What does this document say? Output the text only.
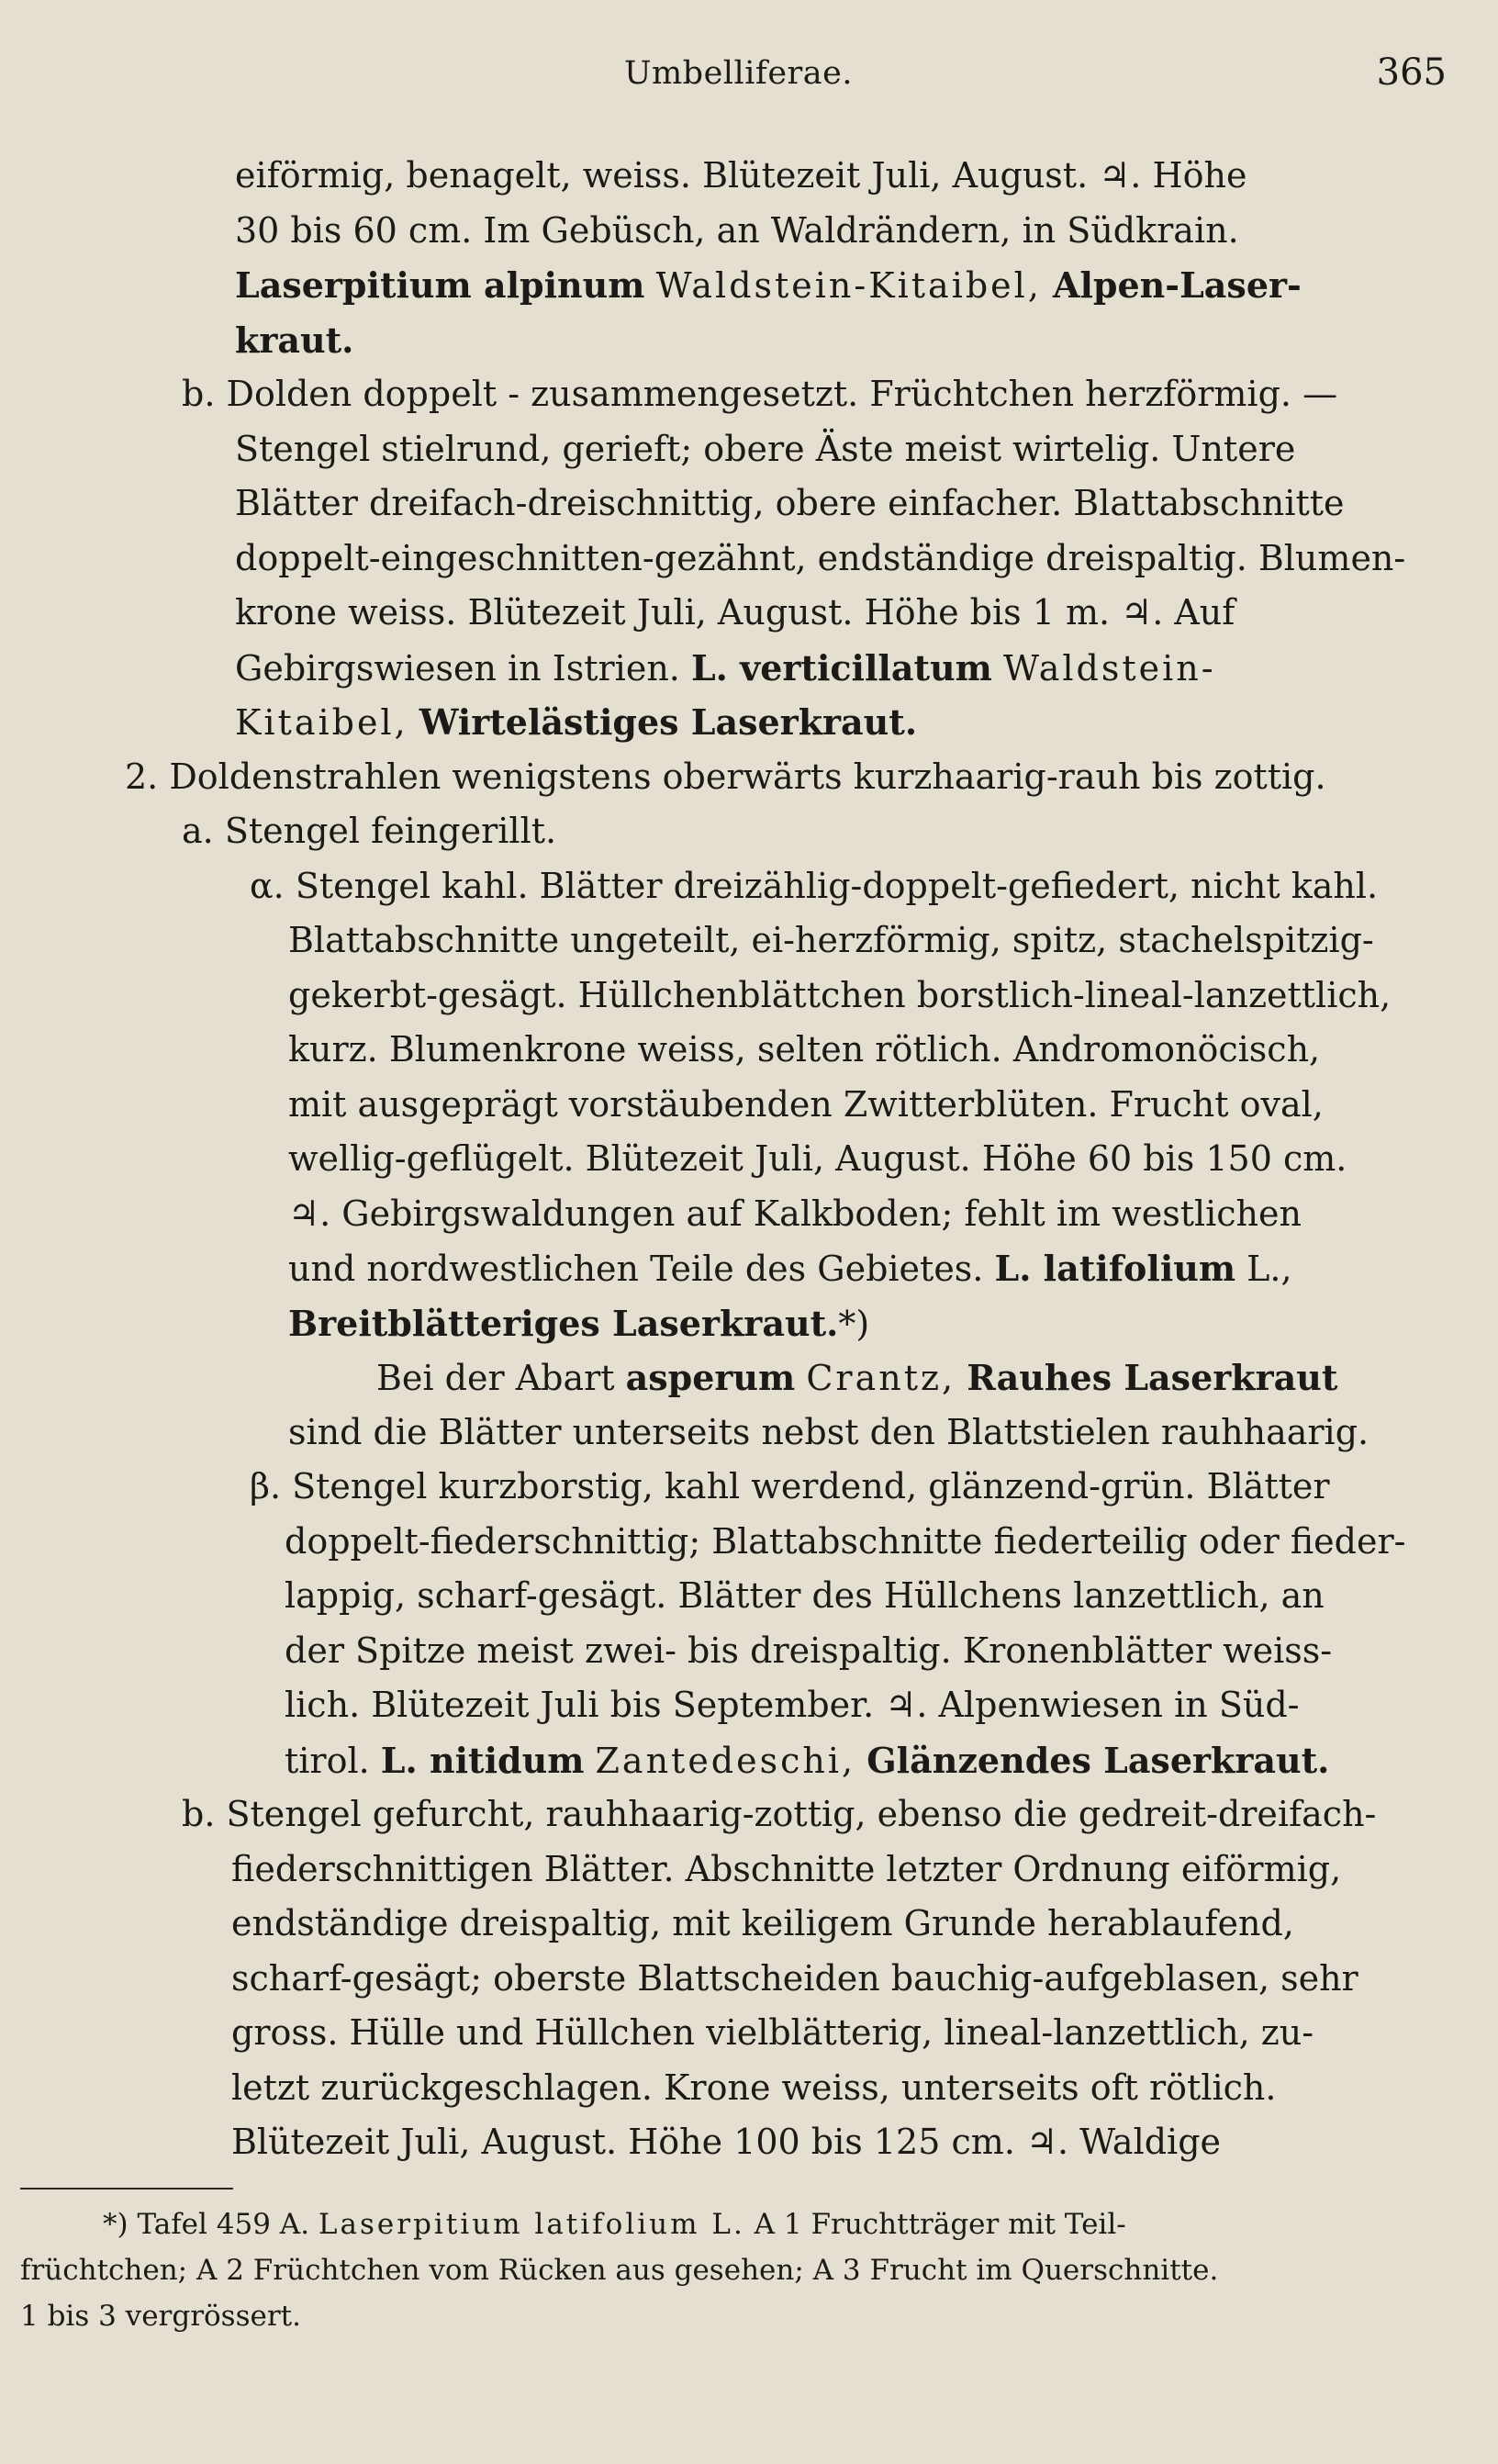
Umbelliferae.	365
eiförmig, benagelt, weiss. Blütezeit Juli, August. ♃. Höhe
30 bis 60 cm. Im Gebüsch, an Waldrändern, in Südkrain.
Laserpitium alpinum Waldstein-Kitaibel, Alpen-Laser-
kraut.
b. Dolden doppelt - zusammengesetzt. Früchtchen herzförmig. —
Stengel stielrund, gerieft; obere Äste meist wirtelig. Untere
Blätter dreifach-dreischnittig, obere einfacher. Blattabschnitte
doppelt-eingeschnitten-gezähnt, endständige dreispaltig. Blumen-
krone weiss. Blütezeit Juli, August. Höhe bis 1 m. ♃. Auf
Gebirgswiesen in Istrien. L. verticillatum Waldstein-
Kitaibel, Wirtelästiges Laserkraut.
2. Doldenstrahlen wenigstens oberwärts kurzhaarig-rauh bis zottig.
a. Stengel feingerillt.
α. Stengel kahl. Blätter dreizählig-doppelt-gefiedert, nicht kahl.
Blattabschnitte ungeteilt, ei-herzförmig, spitz, stachelspitzig-
gekerbt-gesägt. Hüllchenblättchen borstlich-lineal-lanzettlich,
kurz. Blumenkrone weiss, selten rötlich. Andromonöcisch,
mit ausgeprägt vorstäubenden Zwitterblüten. Frucht oval,
wellig-geflügelt. Blütezeit Juli, August. Höhe 60 bis 150 cm.
♃. Gebirgswaldungen auf Kalkboden; fehlt im westlichen
und nordwestlichen Teile des Gebietes. L. latifolium L.,
Breitblätteriges Laserkraut.*)
Bei der Abart asperum Crantz, Rauhes Laserkraut
sind die Blätter unterseits nebst den Blattstielen rauhhaarig.
β. Stengel kurzborstig, kahl werdend, glänzend-grün. Blätter
doppelt-fiederschnittig; Blattabschnitte fiederteilig oder fieder-
lappig, scharf-gesägt. Blätter des Hüllchens lanzettlich, an
der Spitze meist zwei- bis dreispaltig. Kronenblätter weiss-
lich. Blütezeit Juli bis September. ♃. Alpenwiesen in Süd-
tirol. L. nitidum Zantedeschi, Glänzendes Laserkraut.
b. Stengel gefurcht, rauhhaarig-zottig, ebenso die gedreit-dreifach-
fiederschnittigen Blätter. Abschnitte letzter Ordnung eiförmig,
endständige dreispaltig, mit keiligem Grunde herablaufend,
scharf-gesägt; oberste Blattscheiden bauchig-aufgeblasen, sehr
gross. Hülle und Hüllchen vielblätterig, lineal-lanzettlich, zu-
letzt zurückgeschlagen. Krone weiss, unterseits oft rötlich.
Blütezeit Juli, August. Höhe 100 bis 125 cm. ♃. Waldige
*) Tafel 459 A. Laserpitium latifolium L. A 1 Fruchtträger mit Teil-
früchtchen; A 2 Früchtchen vom Rücken aus gesehen; A 3 Frucht im Querschnitte.
1 bis 3 vergrössert.
